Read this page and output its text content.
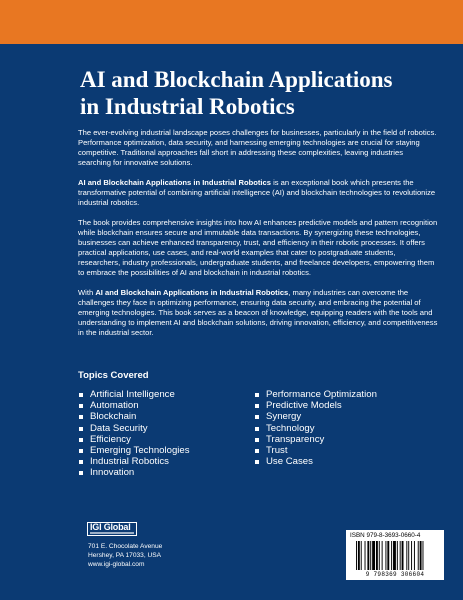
AI and Blockchain Applications
in Industrial Robotics

The ever-evolving industrial landscape poses challenges for businesses, particularly in the field of robotics. Performance optimization, data security, and harnessing emerging technologies are crucial for staying competitive. Traditional approaches fall short in addressing these complexities, leaving industries searching for innovative solutions.

AI and Blockchain Applications in Industrial Robotics is an exceptional book which presents the transformative potential of combining artificial intelligence (AI) and blockchain technologies to revolutionize industrial robotics.

The book provides comprehensive insights into how AI enhances predictive models and pattern recognition while blockchain ensures secure and immutable data transactions. By synergizing these technologies, businesses can achieve enhanced transparency, trust, and efficiency in their robotic processes. It offers practical applications, use cases, and real-world examples that cater to postgraduate students, researchers, industry professionals, undergraduate students, and freelance developers, empowering them to embrace the possibilities of AI and blockchain in industrial robotics.

With AI and Blockchain Applications in Industrial Robotics, many industries can overcome the challenges they face in optimizing performance, ensuring data security, and embracing the potential of emerging technologies. This book serves as a beacon of knowledge, equipping readers with the tools and understanding to implement AI and blockchain solutions, driving innovation, efficiency, and competitiveness in the industrial sector.

Topics Covered
Artificial Intelligence
Automation
Blockchain
Data Security
Efficiency
Emerging Technologies
Industrial Robotics
Innovation
Performance Optimization
Predictive Models
Synergy
Technology
Transparency
Trust
Use Cases
IGI Global
701 E. Chocolate Avenue
Hershey, PA 17033, USA
www.igi-global.com
ISBN 979-8-3693-0660-4
9 798369 306604
